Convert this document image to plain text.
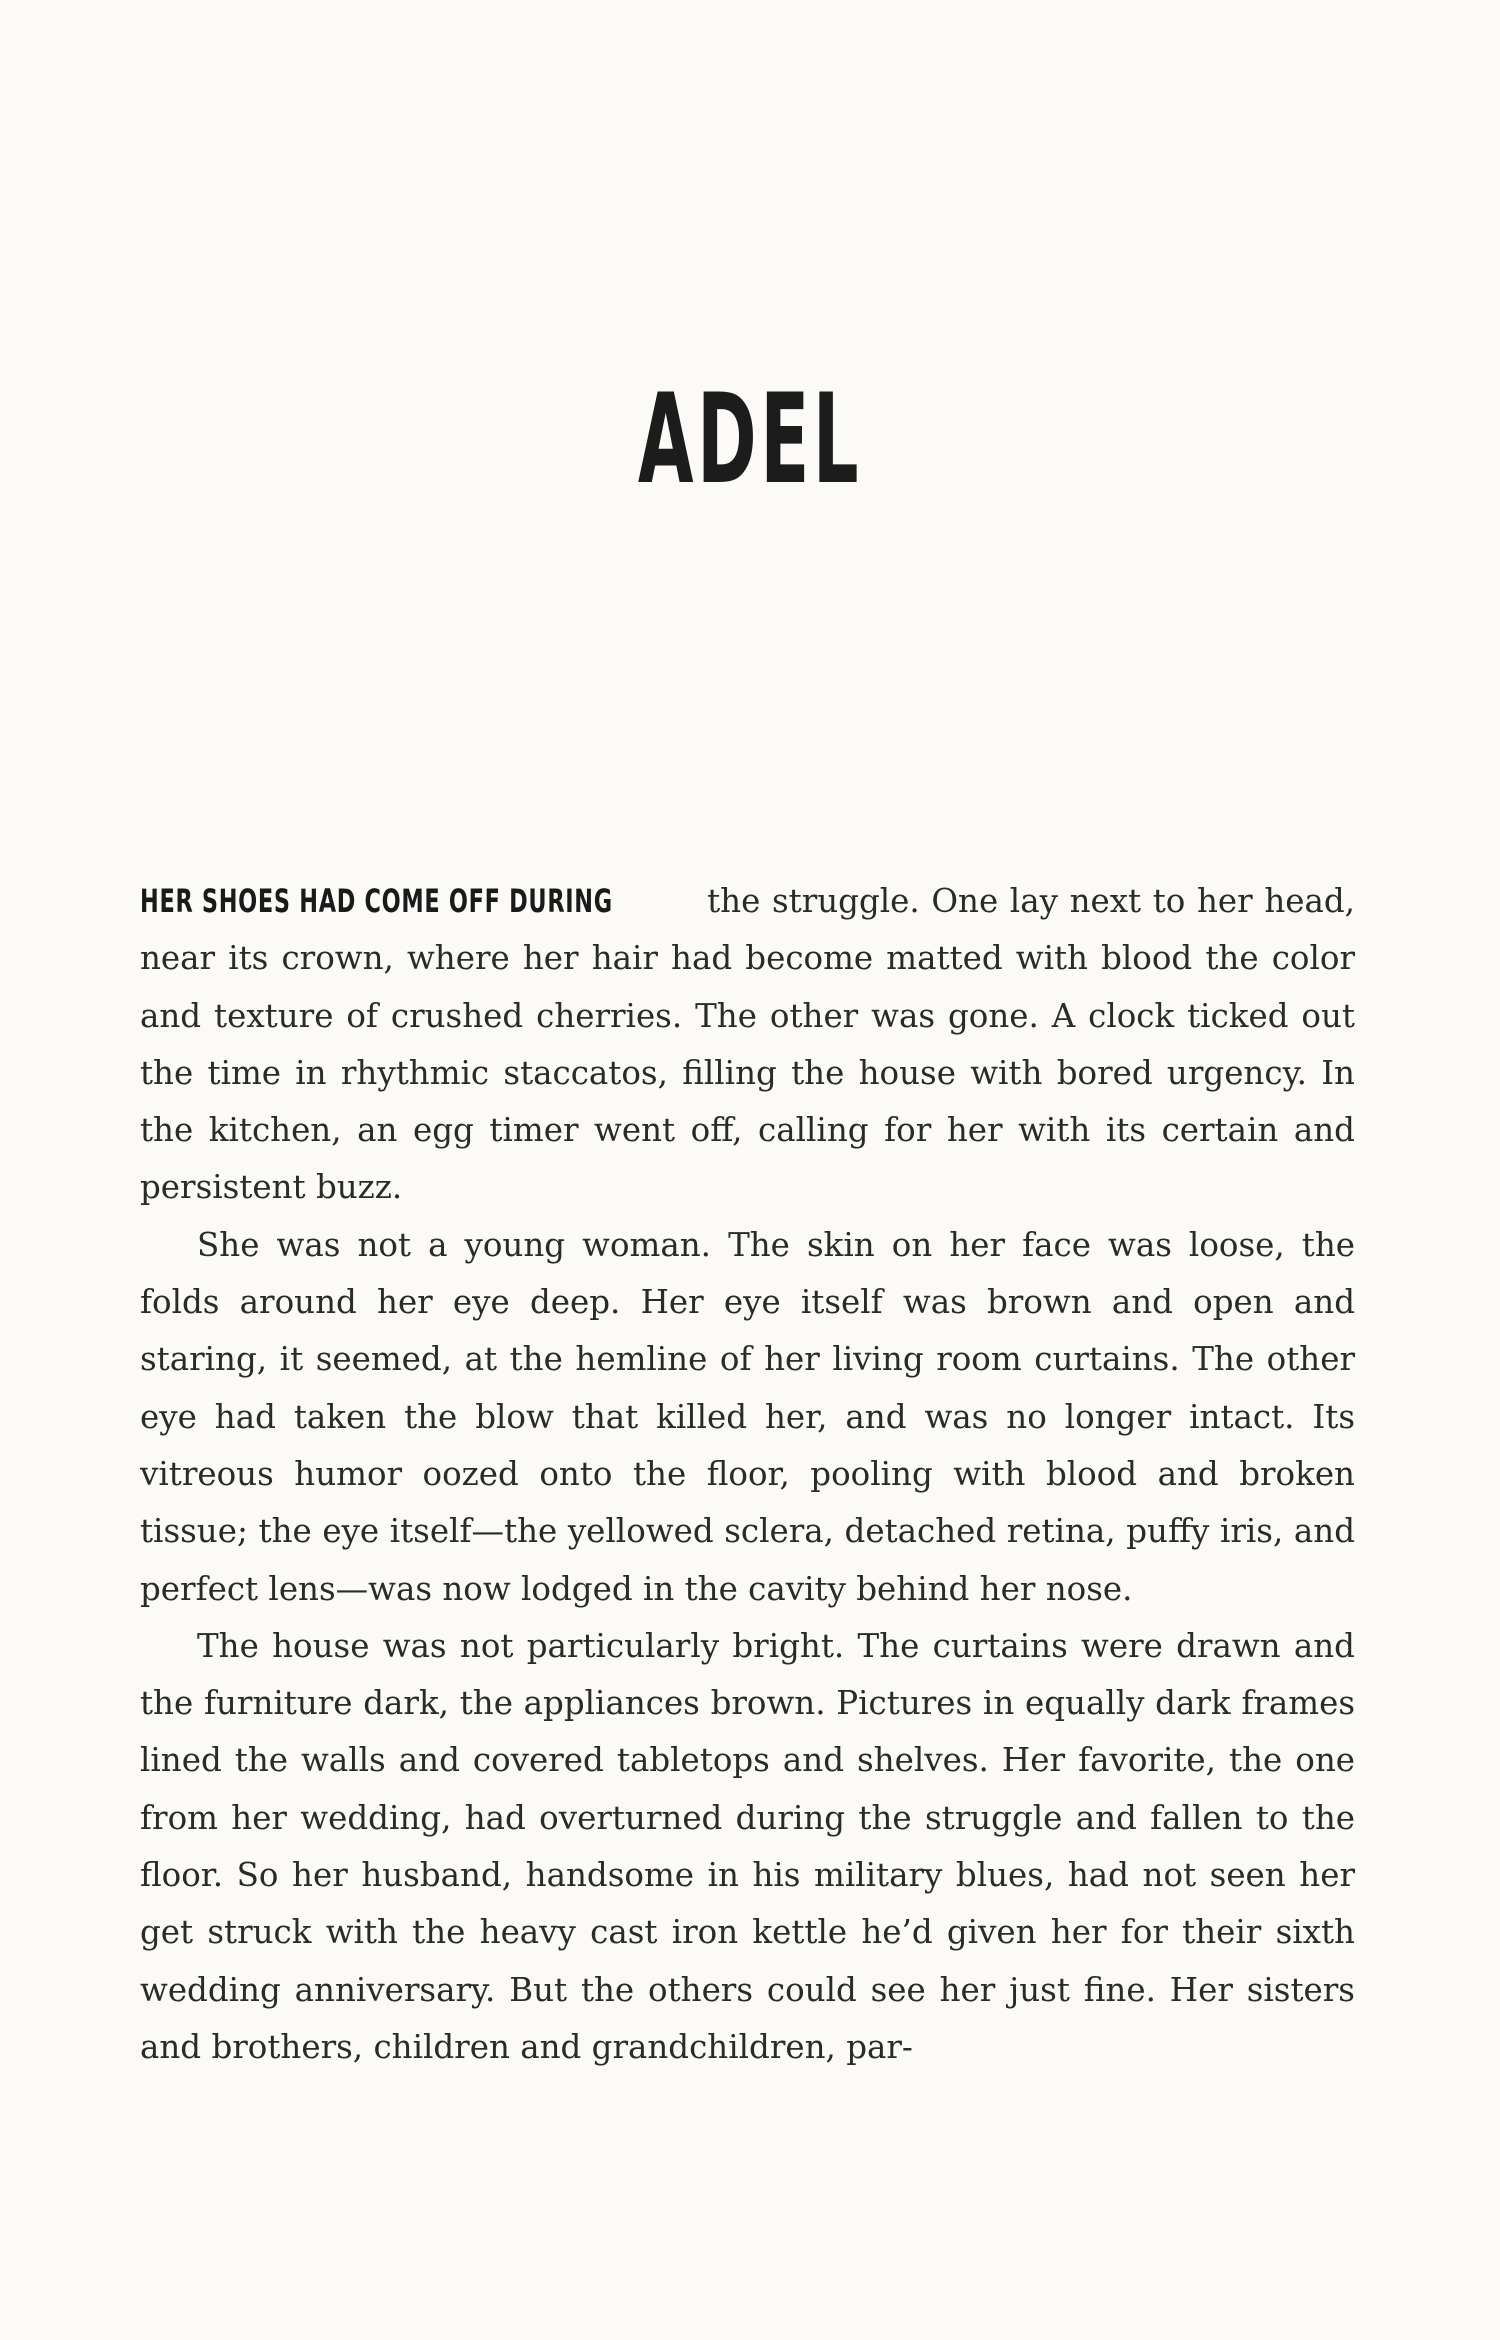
ADEL

HER SHOES HAD COME OFF DURING	the struggle. One lay next to her head, near its crown, where her hair had become matted with blood the color and texture of crushed cherries. The other was gone. A clock ticked out the time in rhythmic staccatos, filling the house with bored urgency. In the kitchen, an egg timer went off, calling for her with its certain and persistent buzz.

She was not a young woman. The skin on her face was loose, the folds around her eye deep. Her eye itself was brown and open and staring, it seemed, at the hemline of her living room curtains. The other eye had taken the blow that killed her, and was no longer intact. Its vitreous humor oozed onto the floor, pooling with blood and broken tissue; the eye itself—the yellowed sclera, detached retina, puffy iris, and perfect lens—was now lodged in the cavity behind her nose.

The house was not particularly bright. The curtains were drawn and the furniture dark, the appliances brown. Pictures in equally dark frames lined the walls and covered tabletops and shelves. Her favorite, the one from her wedding, had overturned during the struggle and fallen to the floor. So her husband, handsome in his military blues, had not seen her get struck with the heavy cast iron kettle he’d given her for their sixth wedding anniversary. But the others could see her just fine. Her sisters and brothers, children and grandchildren, par-
